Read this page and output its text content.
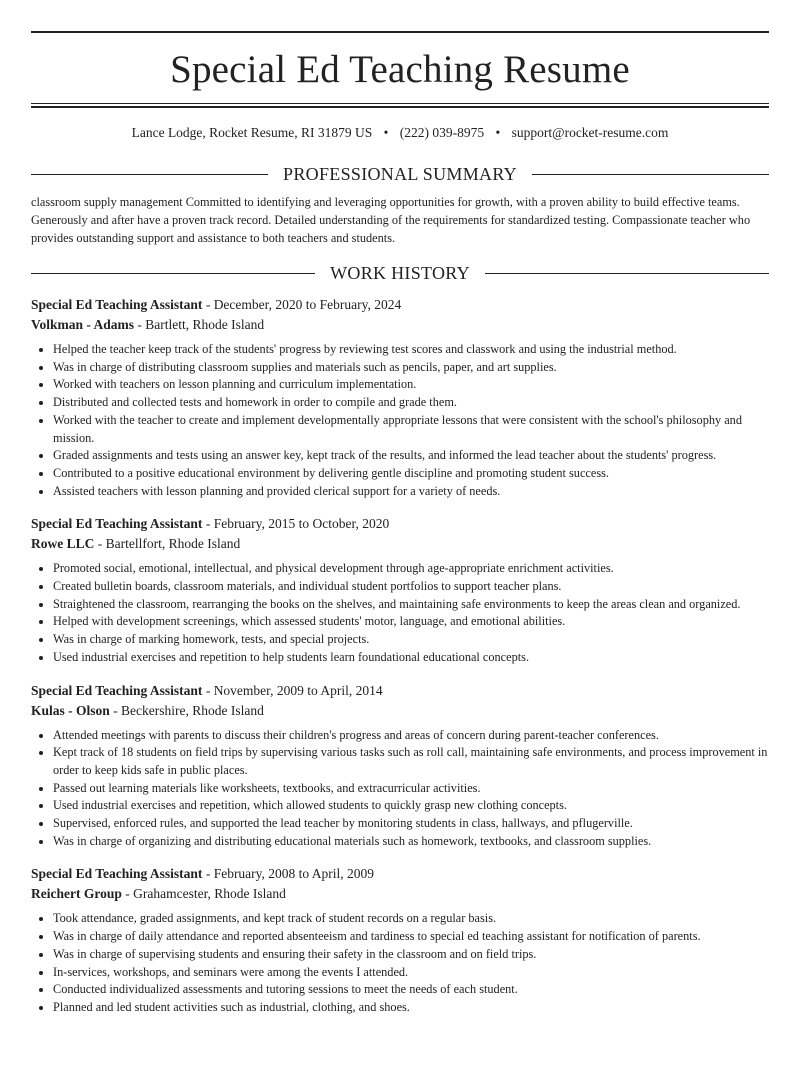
Special Ed Teaching Resume
Lance Lodge, Rocket Resume, RI 31879 US • (222) 039-8975 • support@rocket-resume.com
PROFESSIONAL SUMMARY
classroom supply management Committed to identifying and leveraging opportunities for growth, with a proven ability to build effective teams. Generously and after have a proven track record. Detailed understanding of the requirements for standardized testing. Compassionate teacher who provides outstanding support and assistance to both teachers and students.
WORK HISTORY
Special Ed Teaching Assistant - December, 2020 to February, 2024
Volkman - Adams - Bartlett, Rhode Island
• Helped the teacher keep track of the students' progress by reviewing test scores and classwork and using the industrial method.
• Was in charge of distributing classroom supplies and materials such as pencils, paper, and art supplies.
• Worked with teachers on lesson planning and curriculum implementation.
• Distributed and collected tests and homework in order to compile and grade them.
• Worked with the teacher to create and implement developmentally appropriate lessons that were consistent with the school's philosophy and mission.
• Graded assignments and tests using an answer key, kept track of the results, and informed the lead teacher about the students' progress.
• Contributed to a positive educational environment by delivering gentle discipline and promoting student success.
• Assisted teachers with lesson planning and provided clerical support for a variety of needs.
Special Ed Teaching Assistant - February, 2015 to October, 2020
Rowe LLC - Bartellfort, Rhode Island
• Promoted social, emotional, intellectual, and physical development through age-appropriate enrichment activities.
• Created bulletin boards, classroom materials, and individual student portfolios to support teacher plans.
• Straightened the classroom, rearranging the books on the shelves, and maintaining safe environments to keep the areas clean and organized.
• Helped with development screenings, which assessed students' motor, language, and emotional abilities.
• Was in charge of marking homework, tests, and special projects.
• Used industrial exercises and repetition to help students learn foundational educational concepts.
Special Ed Teaching Assistant - November, 2009 to April, 2014
Kulas - Olson - Beckershire, Rhode Island
• Attended meetings with parents to discuss their children's progress and areas of concern during parent-teacher conferences.
• Kept track of 18 students on field trips by supervising various tasks such as roll call, maintaining safe environments, and process improvement in order to keep kids safe in public places.
• Passed out learning materials like worksheets, textbooks, and extracurricular activities.
• Used industrial exercises and repetition, which allowed students to quickly grasp new clothing concepts.
• Supervised, enforced rules, and supported the lead teacher by monitoring students in class, hallways, and pflugerville.
• Was in charge of organizing and distributing educational materials such as homework, textbooks, and classroom supplies.
Special Ed Teaching Assistant - February, 2008 to April, 2009
Reichert Group - Grahamcester, Rhode Island
• Took attendance, graded assignments, and kept track of student records on a regular basis.
• Was in charge of daily attendance and reported absenteeism and tardiness to special ed teaching assistant for notification of parents.
• Was in charge of supervising students and ensuring their safety in the classroom and on field trips.
• In-services, workshops, and seminars were among the events I attended.
• Conducted individualized assessments and tutoring sessions to meet the needs of each student.
• Planned and led student activities such as industrial, clothing, and shoes.
